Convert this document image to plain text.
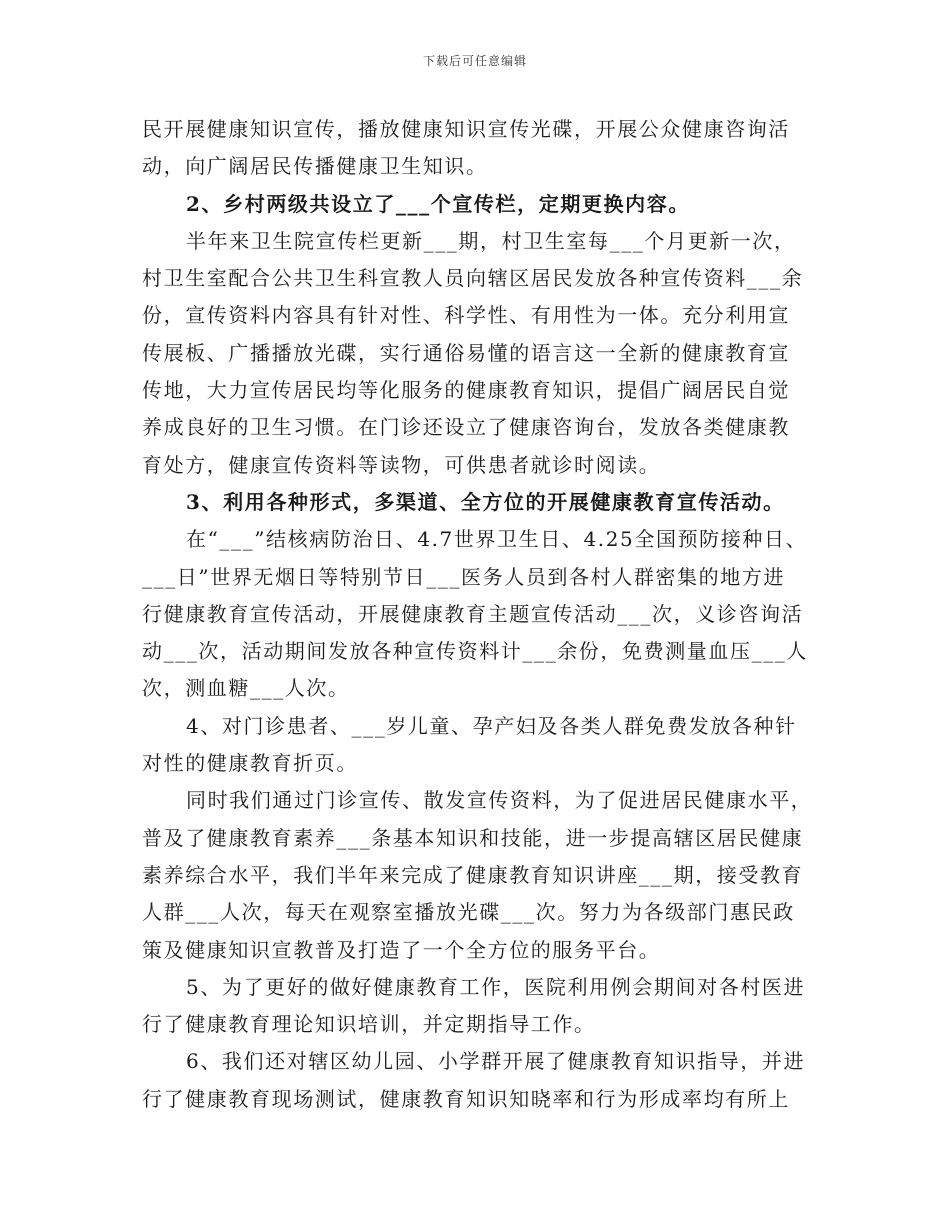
下载后可任意编辑
民开展健康知识宣传，播放健康知识宣传光碟，开展公众健康咨询活
动，向广阔居民传播健康卫生知识。
2、乡村两级共设立了___个宣传栏，定期更换内容。
半年来卫生院宣传栏更新___期，村卫生室每___个月更新一次，
村卫生室配合公共卫生科宣教人员向辖区居民发放各种宣传资料___余
份，宣传资料内容具有针对性、科学性、有用性为一体。充分利用宣
传展板、广播播放光碟，实行通俗易懂的语言这一全新的健康教育宣
传地，大力宣传居民均等化服务的健康教育知识，提倡广阔居民自觉
养成良好的卫生习惯。在门诊还设立了健康咨询台，发放各类健康教
育处方，健康宣传资料等读物，可供患者就诊时阅读。
3、利用各种形式，多渠道、全方位的开展健康教育宣传活动。
在“___”结核病防治日、4.7世界卫生日、4.25全国预防接种日、
___日”世界无烟日等特别节日___医务人员到各村人群密集的地方进
行健康教育宣传活动，开展健康教育主题宣传活动___次，义诊咨询活
动___次，活动期间发放各种宣传资料计___余份，免费测量血压___人
次，测血糖___人次。
4、对门诊患者、___岁儿童、孕产妇及各类人群免费发放各种针
对性的健康教育折页。
同时我们通过门诊宣传、散发宣传资料，为了促进居民健康水平，
普及了健康教育素养___条基本知识和技能，进一步提高辖区居民健康
素养综合水平，我们半年来完成了健康教育知识讲座___期，接受教育
人群___人次，每天在观察室播放光碟___次。努力为各级部门惠民政
策及健康知识宣教普及打造了一个全方位的服务平台。
5、为了更好的做好健康教育工作，医院利用例会期间对各村医进
行了健康教育理论知识培训，并定期指导工作。
6、我们还对辖区幼儿园、小学群开展了健康教育知识指导，并进
行了健康教育现场测试，健康教育知识知晓率和行为形成率均有所上
